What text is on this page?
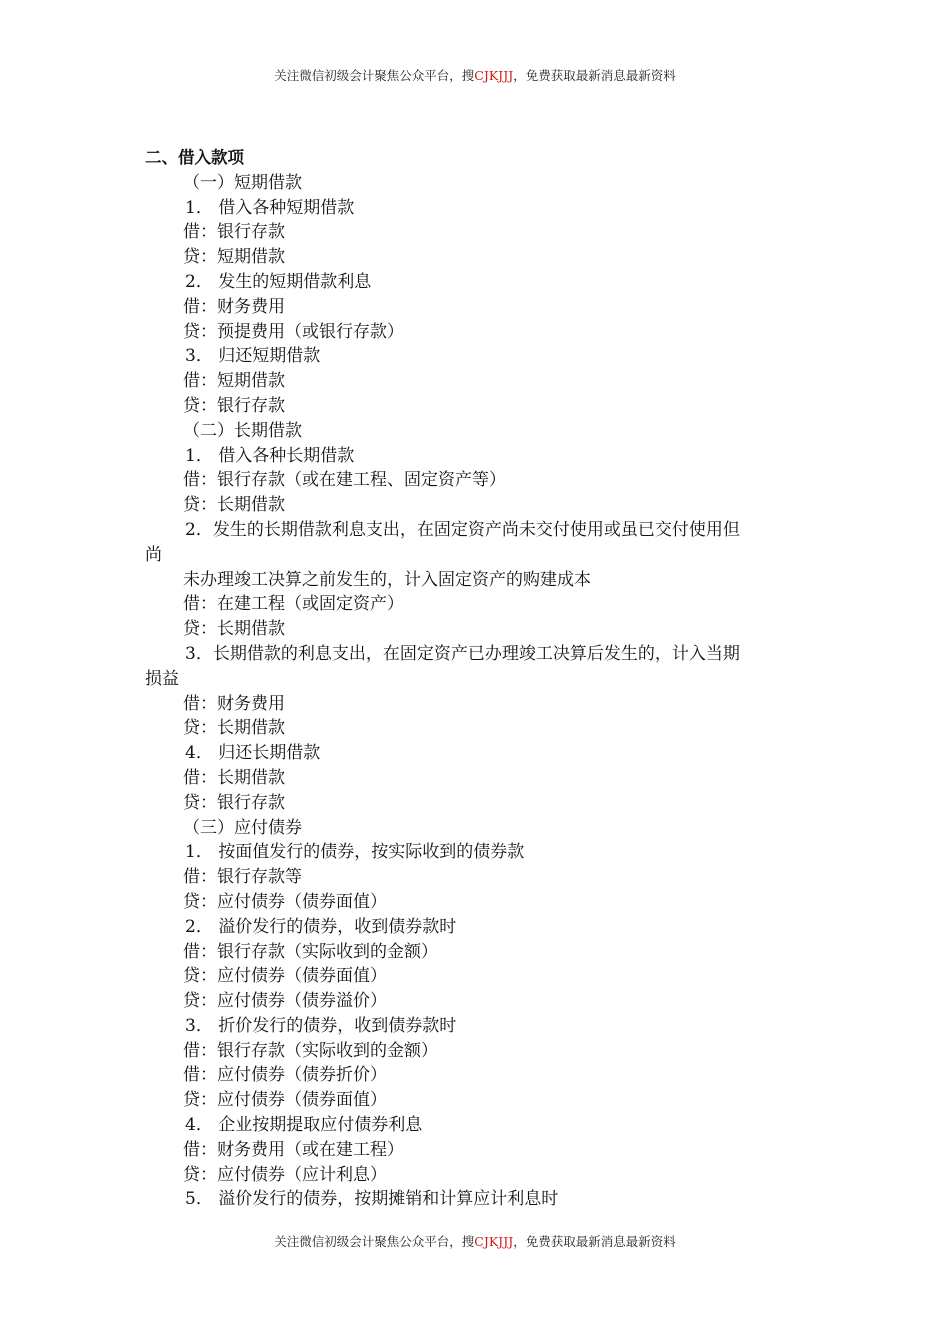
关注微信初级会计聚焦公众平台，搜CJKJJJ，免费获取最新消息最新资料
二、借入款项
（一）短期借款
1． 借入各种短期借款
借：银行存款
贷：短期借款
2． 发生的短期借款利息
借：财务费用
贷：预提费用（或银行存款）
3． 归还短期借款
借：短期借款
贷：银行存款
（二）长期借款
1． 借入各种长期借款
借：银行存款（或在建工程、固定资产等）
贷：长期借款
2．发生的长期借款利息支出，在固定资产尚未交付使用或虽已交付使用但
尚
未办理竣工决算之前发生的，计入固定资产的购建成本
借：在建工程（或固定资产）
贷：长期借款
3．长期借款的利息支出，在固定资产已办理竣工决算后发生的，计入当期
损益
借：财务费用
贷：长期借款
4． 归还长期借款
借：长期借款
贷：银行存款
（三）应付债券
1． 按面值发行的债券，按实际收到的债券款
借：银行存款等
贷：应付债券（债券面值）
2． 溢价发行的债券，收到债券款时
借：银行存款（实际收到的金额）
贷：应付债券（债券面值）
贷：应付债券（债券溢价）
3． 折价发行的债券，收到债券款时
借：银行存款（实际收到的金额）
借：应付债券（债券折价）
贷：应付债券（债券面值）
4． 企业按期提取应付债券利息
借：财务费用（或在建工程）
贷：应付债券（应计利息）
5． 溢价发行的债券，按期摊销和计算应计利息时
关注微信初级会计聚焦公众平台，搜CJKJJJ，免费获取最新消息最新资料
